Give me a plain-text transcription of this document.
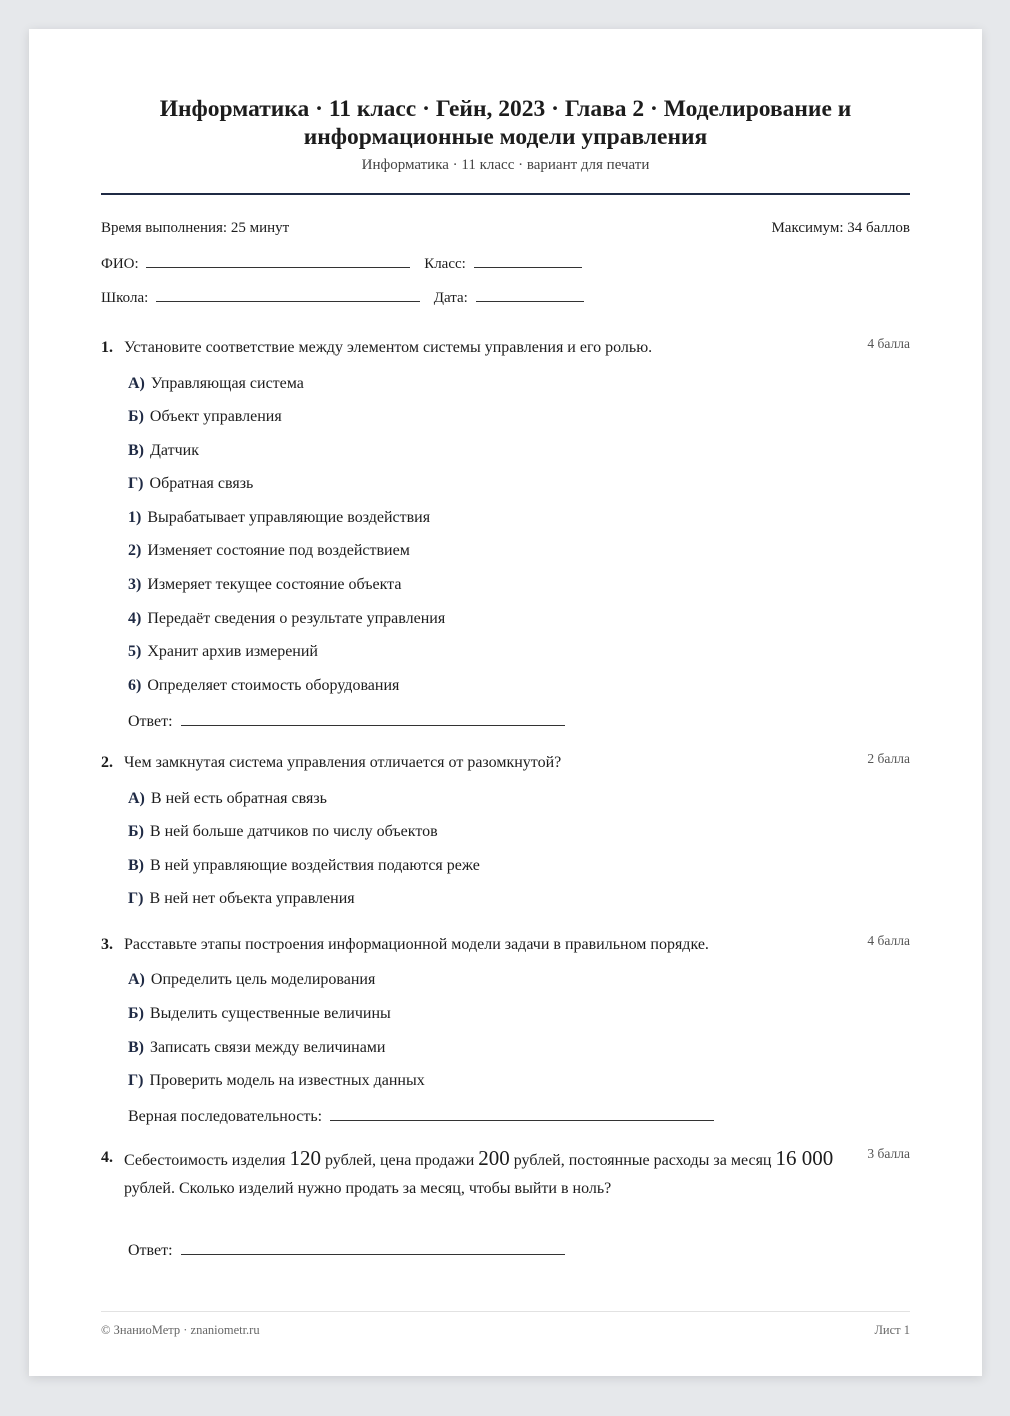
Информатика · 11 класс · Гейн, 2023 · Глава 2 · Моделирование и информационные модели управления
Информатика · 11 класс · вариант для печати
Время выполнения: 25 минут	Максимум: 34 баллов
ФИО:	Класс:
Школа:	Дата:
1. Установите соответствие между элементом системы управления и его ролью.	4 балла
А) Управляющая система
Б) Объект управления
В) Датчик
Г) Обратная связь
1) Вырабатывает управляющие воздействия
2) Изменяет состояние под воздействием
3) Измеряет текущее состояние объекта
4) Передаёт сведения о результате управления
5) Хранит архив измерений
6) Определяет стоимость оборудования
Ответ:
2. Чем замкнутая система управления отличается от разомкнутой?	2 балла
А) В ней есть обратная связь
Б) В ней больше датчиков по числу объектов
В) В ней управляющие воздействия подаются реже
Г) В ней нет объекта управления
3. Расставьте этапы построения информационной модели задачи в правильном порядке.	4 балла
А) Определить цель моделирования
Б) Выделить существенные величины
В) Записать связи между величинами
Г) Проверить модель на известных данных
Верная последовательность:
4. Себестоимость изделия 120 рублей, цена продажи 200 рублей, постоянные расходы за месяц 16 000 рублей. Сколько изделий нужно продать за месяц, чтобы выйти в ноль?
3 балла
Ответ:
© ЗнаниоМетр · znaniometr.ru	Лист 1
